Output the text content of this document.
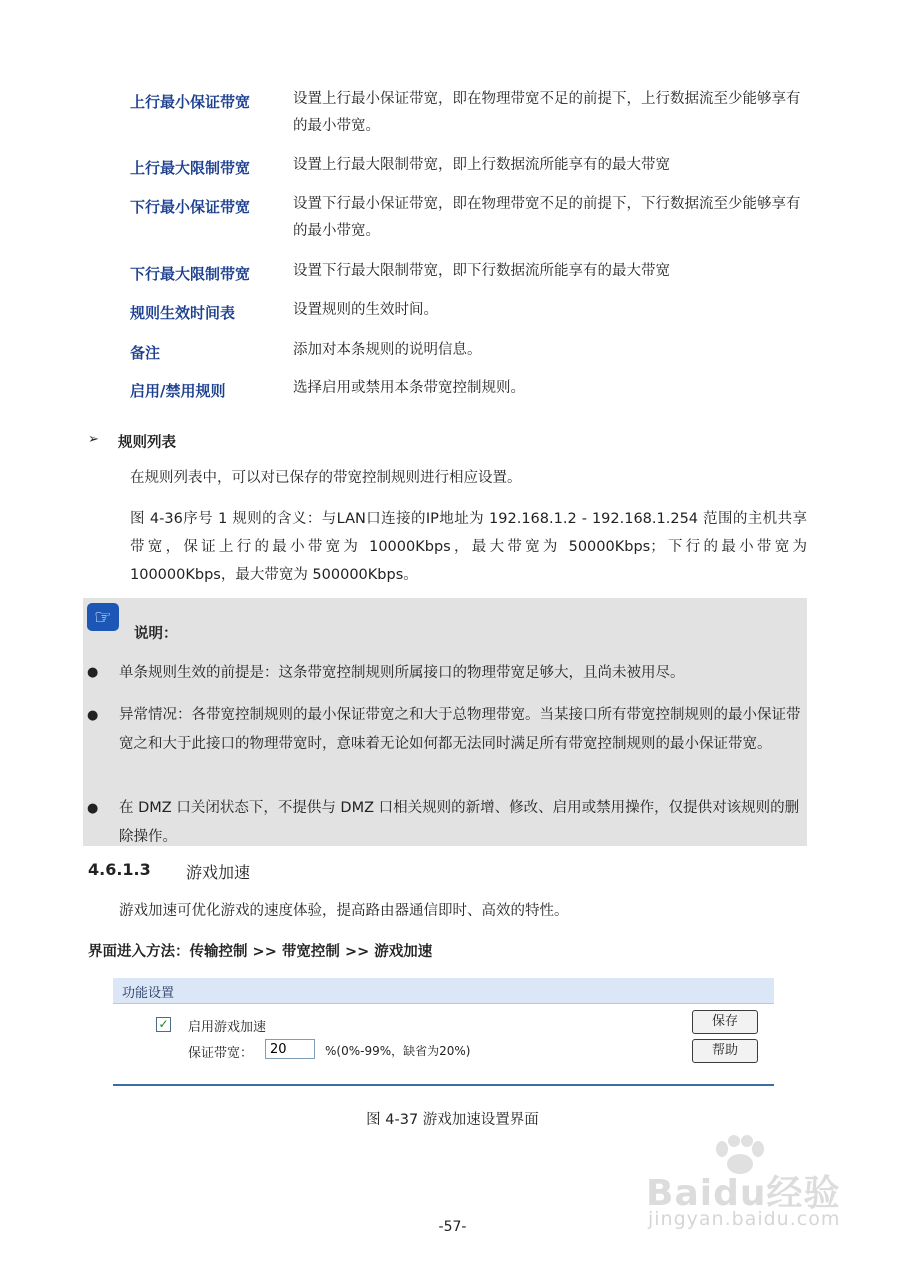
上行最小保证带宽	设置上行最小保证带宽，即在物理带宽不足的前提下，上行数据流至少能够享有的最小带宽。
上行最大限制带宽	设置上行最大限制带宽，即上行数据流所能享有的最大带宽
下行最小保证带宽	设置下行最小保证带宽，即在物理带宽不足的前提下，下行数据流至少能够享有的最小带宽。
下行最大限制带宽	设置下行最大限制带宽，即下行数据流所能享有的最大带宽
规则生效时间表	设置规则的生效时间。
备注	添加对本条规则的说明信息。
启用/禁用规则	选择启用或禁用本条带宽控制规则。
➢ 规则列表
在规则列表中，可以对已保存的带宽控制规则进行相应设置。
图 4-36序号 1 规则的含义：与LAN口连接的IP地址为 192.168.1.2 - 192.168.1.254 范围的主机共享带宽，保证上行的最小带宽为 10000Kbps，最大带宽为 50000Kbps；下行的最小带宽为 100000Kbps，最大带宽为 500000Kbps。
☞
说明：
● 单条规则生效的前提是：这条带宽控制规则所属接口的物理带宽足够大，且尚未被用尽。
● 异常情况：各带宽控制规则的最小保证带宽之和大于总物理带宽。当某接口所有带宽控制规则的最小保证带宽之和大于此接口的物理带宽时，意味着无论如何都无法同时满足所有带宽控制规则的最小保证带宽。
● 在 DMZ 口关闭状态下，不提供与 DMZ 口相关规则的新增、修改、启用或禁用操作，仅提供对该规则的删除操作。
4.6.1.3 游戏加速
游戏加速可优化游戏的速度体验，提高路由器通信即时、高效的特性。
界面进入方法：传输控制 >> 带宽控制 >> 游戏加速
功能设置
✓ 启用游戏加速
保证带宽：
20	%(0%-99%，缺省为20%)
保存
帮助
图 4-37 游戏加速设置界面
Baidu经验
jingyan.baidu.com
-57-
